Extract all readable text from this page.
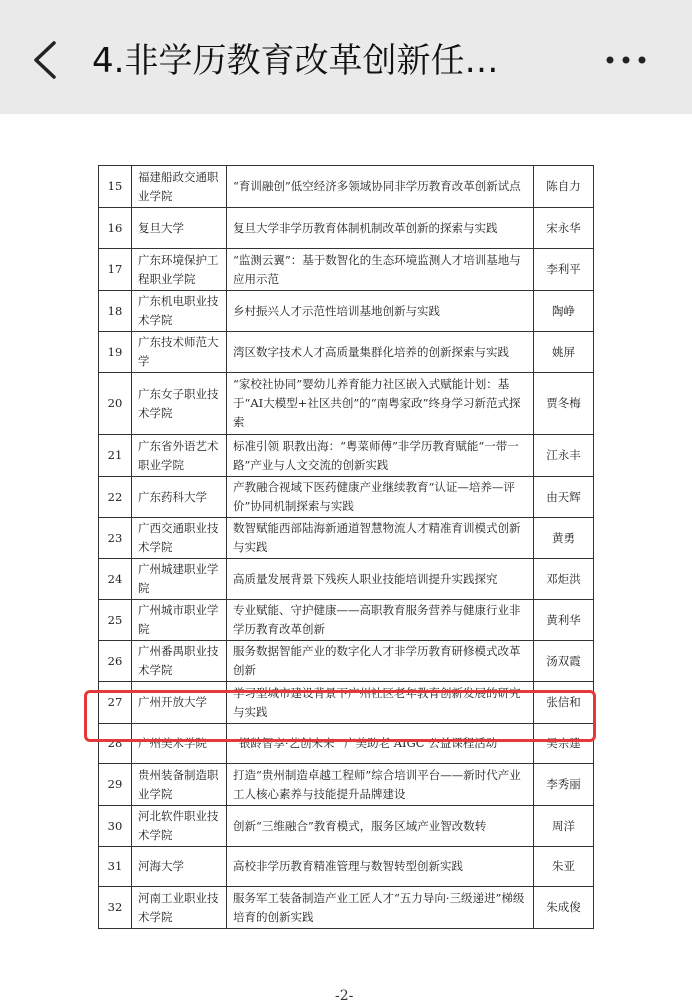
4.非学历教育改革创新任…
15	福建船政交通职业学院	“育训融创”低空经济多领域协同非学历教育改革创新试点	陈自力
16	复旦大学	复旦大学非学历教育体制机制改革创新的探索与实践	宋永华
17	广东环境保护工程职业学院	“监测云翼”：基于数智化的生态环境监测人才培训基地与应用示范	李利平
18	广东机电职业技术学院	乡村振兴人才示范性培训基地创新与实践	陶峥
19	广东技术师范大学	湾区数字技术人才高质量集群化培养的创新探索与实践	姚屏
20	广东女子职业技术学院	“家校社协同”婴幼儿养育能力社区嵌入式赋能计划：基于“AI大模型+社区共创”的“南粤家政”终身学习新范式探索	贾冬梅
21	广东省外语艺术职业学院	标准引领 职教出海：“粤菜师傅”非学历教育赋能“一带一路”产业与人文交流的创新实践	江永丰
22	广东药科大学	产教融合视域下医药健康产业继续教育“认证—培养—评价”协同机制探索与实践	由天辉
23	广西交通职业技术学院	数智赋能西部陆海新通道智慧物流人才精准育训模式创新与实践	黄勇
24	广州城建职业学院	高质量发展背景下残疾人职业技能培训提升实践探究	邓炬洪
25	广州城市职业学院	专业赋能、守护健康——高职教育服务营养与健康行业非学历教育改革创新	黄利华
26	广州番禺职业技术学院	服务数据智能产业的数字化人才非学历教育研修模式改革创新	汤双霞
27	广州开放大学	学习型城市建设背景下广州社区老年教育创新发展的研究与实践	张信和
28	广州美术学院	“银龄智享·艺创未来” 广美助老 AIGC 公益课程活动	吴宗建
29	贵州装备制造职业学院	打造“贵州制造卓越工程师”综合培训平台——新时代产业工人核心素养与技能提升品牌建设	李秀丽
30	河北软件职业技术学院	创新“三维融合”教育模式，服务区域产业智改数转	周洋
31	河海大学	高校非学历教育精准管理与数智转型创新实践	朱亚
32	河南工业职业技术学院	服务军工装备制造产业工匠人才“五力导向·三级递进”梯级培育的创新实践	朱成俊
-2-
